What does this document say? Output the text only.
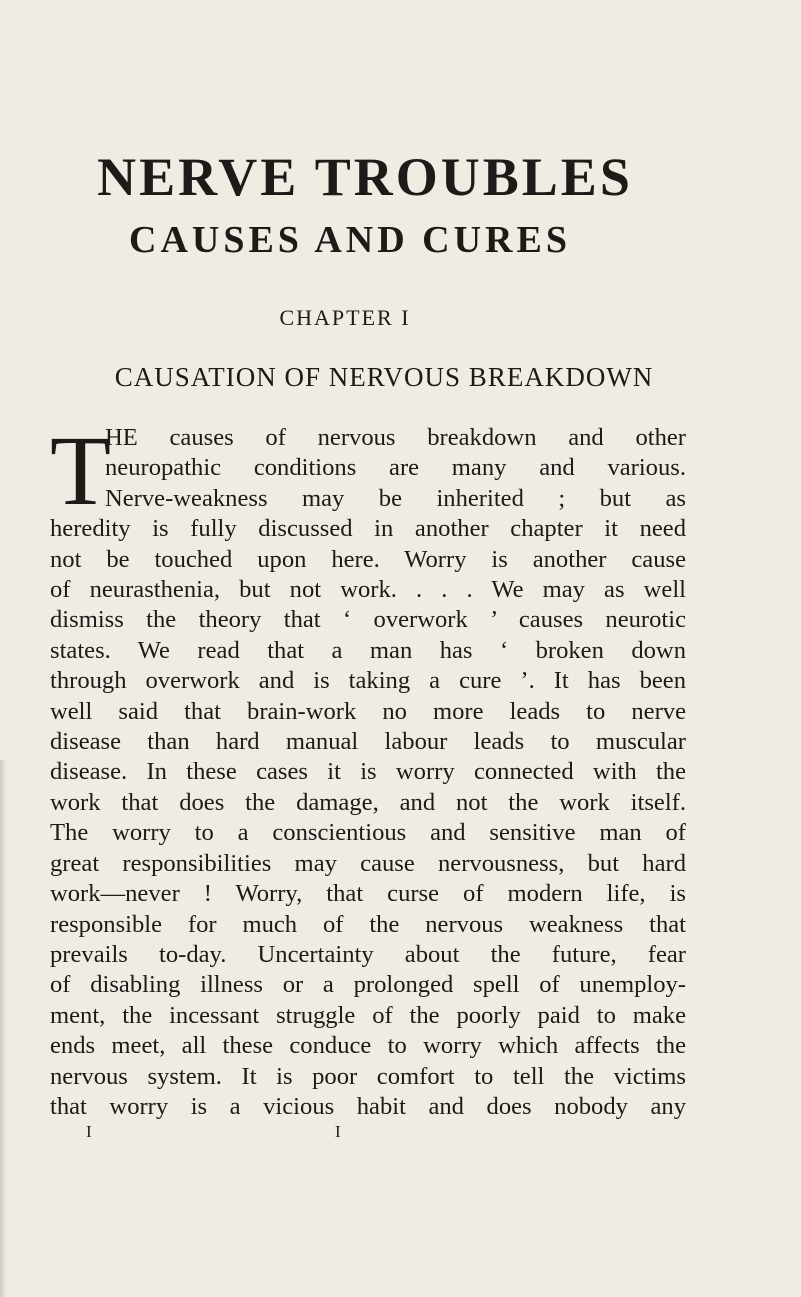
NERVE TROUBLES
CAUSES AND CURES

CHAPTER I

CAUSATION OF NERVOUS BREAKDOWN

T
HE causes of nervous breakdown and other
neuropathic conditions are many and various.
Nerve-weakness may be inherited ; but as
heredity is fully discussed in another chapter it need
not be touched upon here. Worry is another cause
of neurasthenia, but not work. . . . We may as well
dismiss the theory that ‘ overwork ’ causes neurotic
states. We read that a man has ‘ broken down
through overwork and is taking a cure ’. It has been
well said that brain-work no more leads to nerve
disease than hard manual labour leads to muscular
disease. In these cases it is worry connected with the
work that does the damage, and not the work itself.
The worry to a conscientious and sensitive man of
great responsibilities may cause nervousness, but hard
work—never ! Worry, that curse of modern life, is
responsible for much of the nervous weakness that
prevails to-day. Uncertainty about the future, fear
of disabling illness or a prolonged spell of unemploy-
ment, the incessant struggle of the poorly paid to make
ends meet, all these conduce to worry which affects the
nervous system. It is poor comfort to tell the victims
that worry is a vicious habit and does nobody any
I	I
